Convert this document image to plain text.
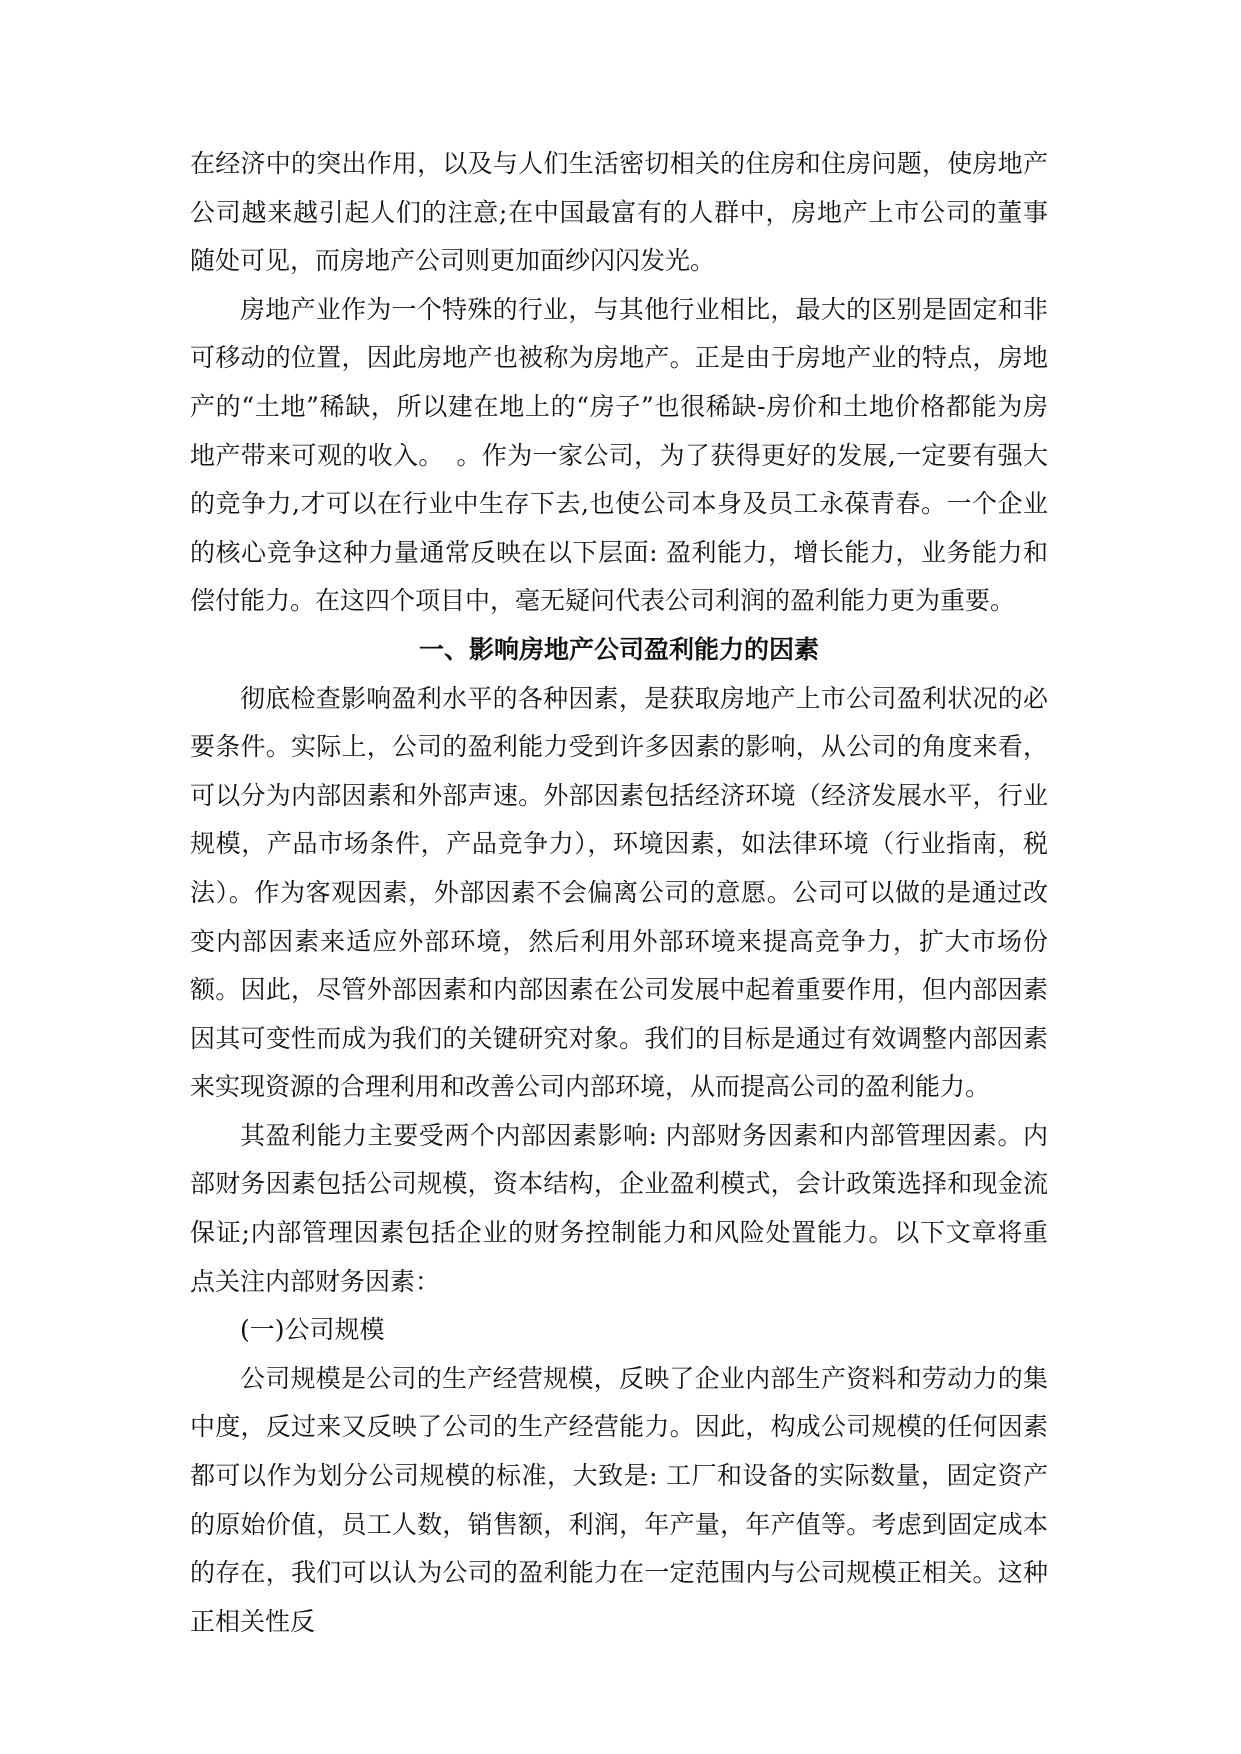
在经济中的突出作用，以及与人们生活密切相关的住房和住房问题，使房地产公司越来越引起人们的注意;在中国最富有的人群中，房地产上市公司的董事随处可见，而房地产公司则更加面纱闪闪发光。

房地产业作为一个特殊的行业，与其他行业相比，最大的区别是固定和非可移动的位置，因此房地产也被称为房地产。正是由于房地产业的特点，房地产的“土地”稀缺，所以建在地上的“房子”也很稀缺-房价和土地价格都能为房地产带来可观的收入。　。作为一家公司，为了获得更好的发展,一定要有强大的竞争力,才可以在行业中生存下去,也使公司本身及员工永葆青春。一个企业的核心竞争这种力量通常反映在以下层面: 盈利能力，增长能力，业务能力和偿付能力。在这四个项目中，毫无疑问代表公司利润的盈利能力更为重要。

一、影响房地产公司盈利能力的因素

彻底检查影响盈利水平的各种因素，是获取房地产上市公司盈利状况的必要条件。实际上，公司的盈利能力受到许多因素的影响，从公司的角度来看，可以分为内部因素和外部声速。外部因素包括经济环境（经济发展水平，行业规模，产品市场条件，产品竞争力），环境因素，如法律环境（行业指南，税法）。作为客观因素，外部因素不会偏离公司的意愿。公司可以做的是通过改变内部因素来适应外部环境，然后利用外部环境来提高竞争力，扩大市场份额。因此，尽管外部因素和内部因素在公司发展中起着重要作用，但内部因素因其可变性而成为我们的关键研究对象。我们的目标是通过有效调整内部因素来实现资源的合理利用和改善公司内部环境，从而提高公司的盈利能力。

其盈利能力主要受两个内部因素影响: 内部财务因素和内部管理因素。内部财务因素包括公司规模，资本结构，企业盈利模式，会计政策选择和现金流保证;内部管理因素包括企业的财务控制能力和风险处置能力。以下文章将重点关注内部财务因素：

(一)公司规模

公司规模是公司的生产经营规模，反映了企业内部生产资料和劳动力的集中度，反过来又反映了公司的生产经营能力。因此，构成公司规模的任何因素都可以作为划分公司规模的标准，大致是: 工厂和设备的实际数量，固定资产的原始价值，员工人数，销售额，利润，年产量，年产值等。考虑到固定成本的存在，我们可以认为公司的盈利能力在一定范围内与公司规模正相关。这种正相关性反
